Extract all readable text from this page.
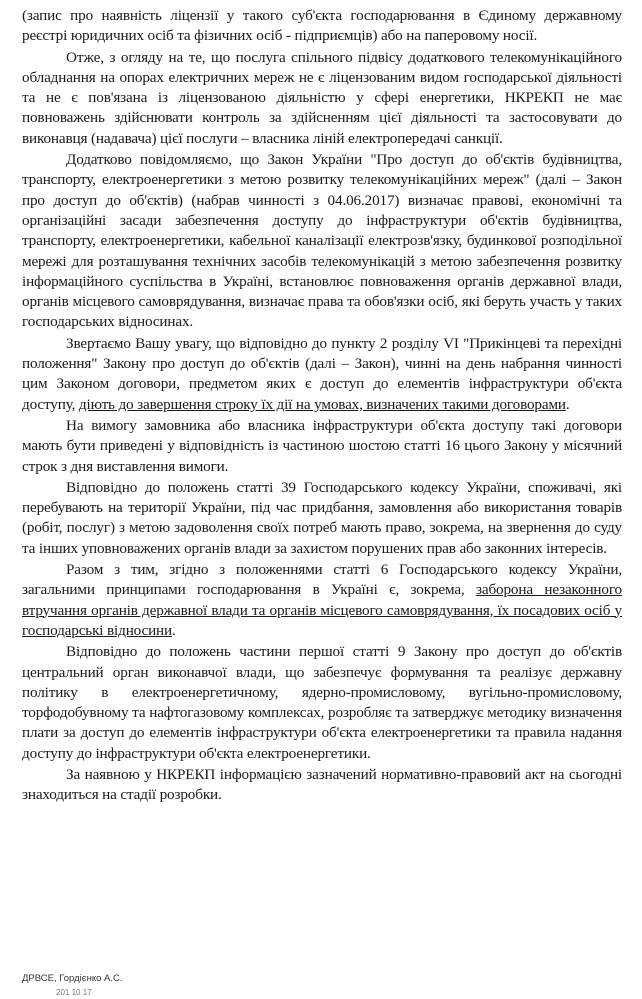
(запис про наявність ліцензії у такого суб'єкта господарювання в Єдиному державному реєстрі юридичних осіб та фізичних осіб - підприємців) або на паперовому носії.

Отже, з огляду на те, що послуга спільного підвісу додаткового телекомунікаційного обладнання на опорах електричних мереж не є ліцензованим видом господарської діяльності та не є пов'язана із ліцензованою діяльністю у сфері енергетики, НКРЕКП не має повноважень здійснювати контроль за здійсненням цієї діяльності та застосовувати до виконавця (надавача) цієї послуги – власника ліній електропередачі санкції.

Додатково повідомляємо, що Закон України "Про доступ до об'єктів будівництва, транспорту, електроенергетики з метою розвитку телекомунікаційних мереж" (далі – Закон про доступ до об'єктів) (набрав чинності з 04.06.2017) визначає правові, економічні та організаційні засади забезпечення доступу до інфраструктури об'єктів будівництва, транспорту, електроенергетики, кабельної каналізації електрозв'язку, будинкової розподільної мережі для розташування технічних засобів телекомунікацій з метою забезпечення розвитку інформаційного суспільства в Україні, встановлює повноваження органів державної влади, органів місцевого самоврядування, визначає права та обов'язки осіб, які беруть участь у таких господарських відносинах.

Звертаємо Вашу увагу, що відповідно до пункту 2 розділу VI "Прикінцеві та перехідні положення" Закону про доступ до об'єктів (далі – Закон), чинні на день набрання чинності цим Законом договори, предметом яких є доступ до елементів інфраструктури об'єкта доступу, діють до завершення строку їх дії на умовах, визначених такими договорами.

На вимогу замовника або власника інфраструктури об'єкта доступу такі договори мають бути приведені у відповідність із частиною шостою статті 16 цього Закону у місячний строк з дня виставлення вимоги.

Відповідно до положень статті 39 Господарського кодексу України, споживачі, які перебувають на території України, під час придбання, замовлення або використання товарів (робіт, послуг) з метою задоволення своїх потреб мають право, зокрема, на звернення до суду та інших уповноважених органів влади за захистом порушених прав або законних інтересів.

Разом з тим, згідно з положеннями статті 6 Господарського кодексу України, загальними принципами господарювання в Україні є, зокрема, заборона незаконного втручання органів державної влади та органів місцевого самоврядування, їх посадових осіб у господарські відносини.

Відповідно до положень частини першої статті 9 Закону про доступ до об'єктів центральний орган виконавчої влади, що забезпечує формування та реалізує державну політику в електроенергетичному, ядерно-промисловому, вугільно-промисловому, торфодобувному та нафтогазовому комплексах, розробляє та затверджує методику визначення плати за доступ до елементів інфраструктури об'єкта електроенергетики та правила надання доступу до інфраструктури об'єкта електроенергетики.

За наявною у НКРЕКП інформацією зазначений нормативно-правовий акт на сьогодні знаходиться на стадії розробки.

ДРВСЕ, Гордієнко А.С.
201 10 17
